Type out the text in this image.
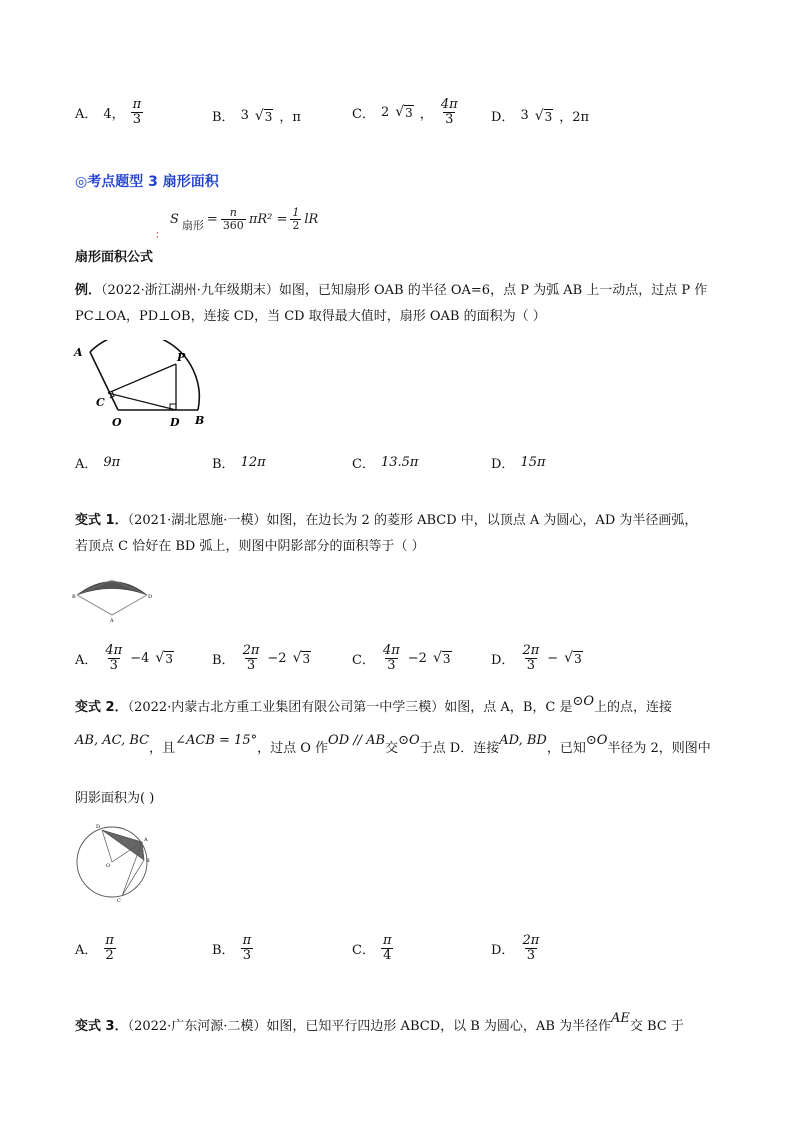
A． 4， $\frac{\pi}{3}$	B． 3 √ 3 ，π	C． 2 √ 3 ， $\frac{4\pi}{3}$ D． 3 √ 3 ，2π
◎考点题型 3 扇形面积
S 扇形 = $\frac{n}{360} \pi R^2 = \frac{1}{2}$ lR
：
扇形面积公式
例．（2022·浙江湖州·九年级期末）如图，已知扇形 OAB 的半径 OA=6，点 P 为弧 AB 上一动点，过点 P 作
PC⊥OA，PD⊥OB，连接 CD，当 CD 取得最大值时，扇形 OAB 的面积为（ ）
A	P
C
O	D B
A． 9π	B． 12π	C． 13.5π	D． 15π
变式 1．（2021·湖北恩施·一模）如图，在边长为 2 的菱形 ABCD 中，以顶点 A 为圆心，AD 为半径画弧，
若顶点 C 恰好在 BD 弧上，则图中阴影部分的面积等于（ ）
B	D
A
A． $\frac{4\pi}{3} -4$ √ 3	B． $\frac{2\pi}{3} -2$ √ 3	C． $\frac{4\pi}{3} -2$ √ 3	D． $\frac{2\pi}{3}$ − √ 3
变式 2．（2022·内蒙古北方重工业集团有限公司第一中学三模）如图，点 A，B，C 是⊙O上的点，连接
AB, AC, BC，且∠ACB = 15°，过点 O 作OD // AB交⊙O于点 D．连接AD, BD，已知⊙O半径为 2，则图中
阴影面积为( )
D
A
O
B
C
A． $\frac{\pi}{2}$	B． $\frac{\pi}{3}$	C． $\frac{\pi}{4}$	D． $\frac{2\pi}{3}$
变式 3．（2022·广东河源·二模）如图，已知平行四边形 ABCD，以 B 为圆心，AB 为半径作AE交 BC 于
